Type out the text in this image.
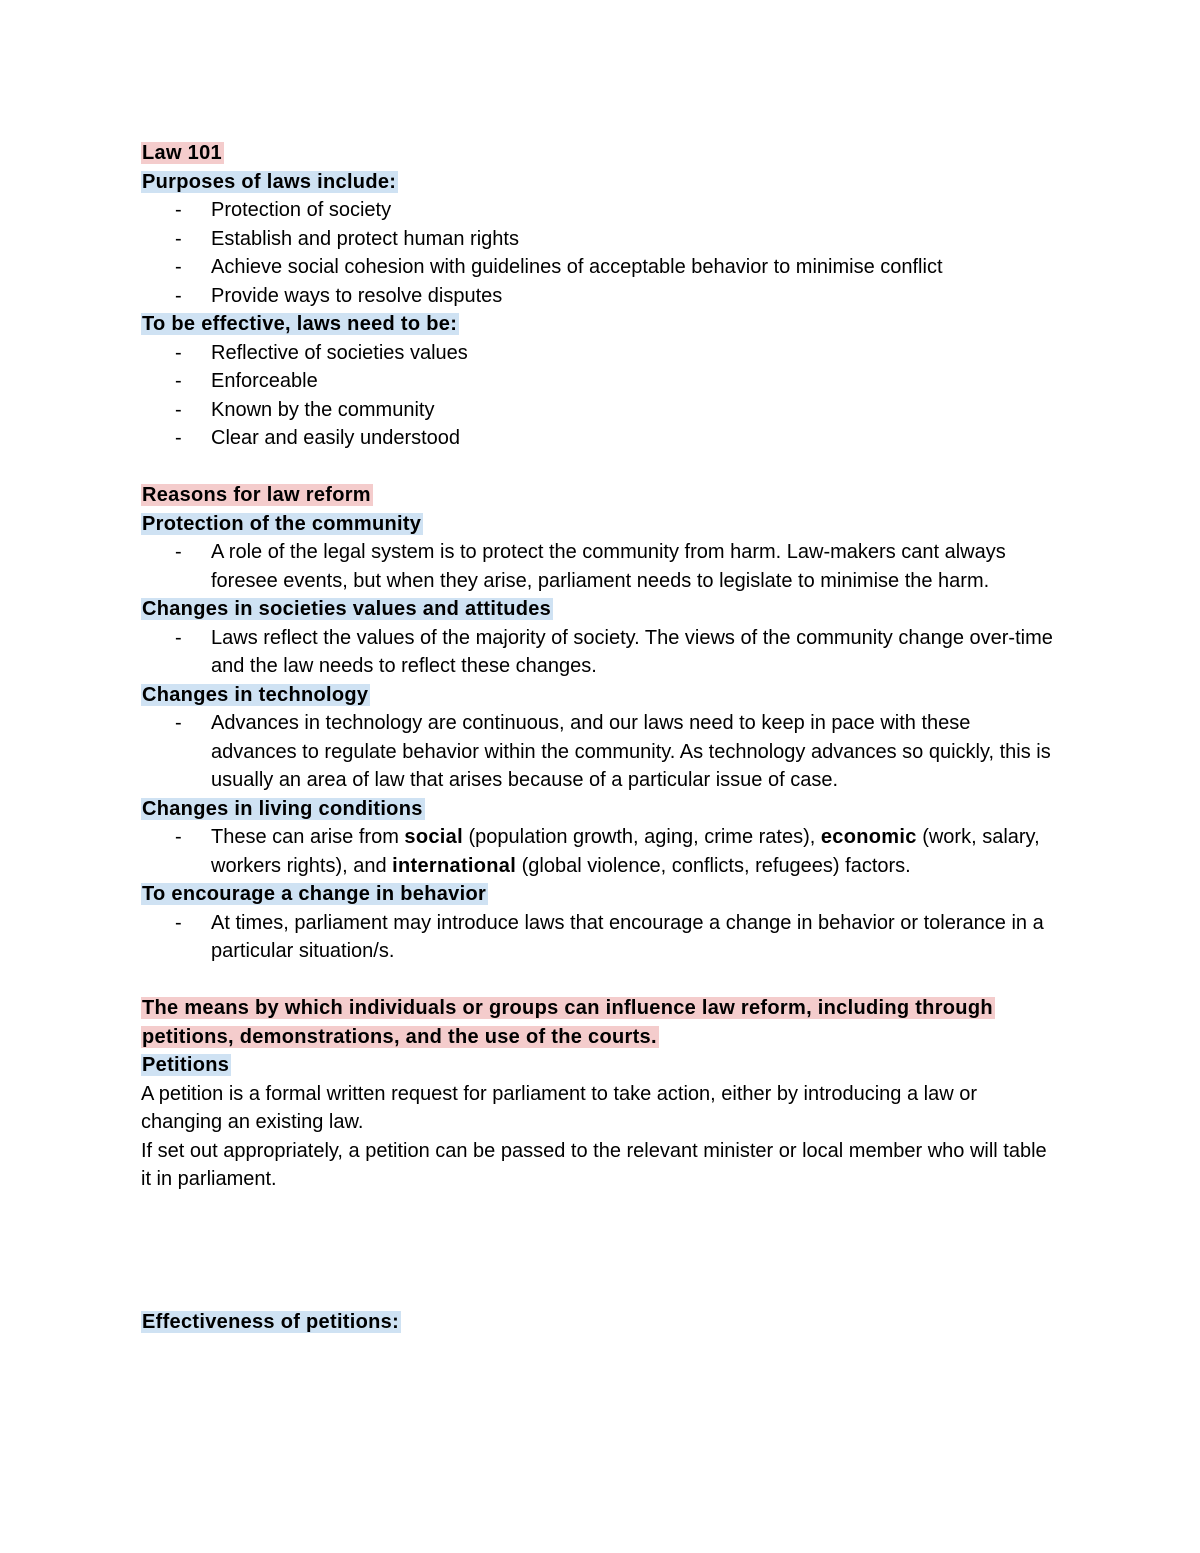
Law 101

Purposes of laws include:

- Protection of society
- Establish and protect human rights
- Achieve social cohesion with guidelines of acceptable behavior to minimise conflict
- Provide ways to resolve disputes

To be effective, laws need to be:

- Reflective of societies values
- Enforceable
- Known by the community
- Clear and easily understood

Reasons for law reform

Protection of the community

- A role of the legal system is to protect the community from harm. Law-makers cant always foresee events, but when they arise, parliament needs to legislate to minimise the harm.

Changes in societies values and attitudes

- Laws reflect the values of the majority of society. The views of the community change over-time and the law needs to reflect these changes.

Changes in technology

- Advances in technology are continuous, and our laws need to keep in pace with these advances to regulate behavior within the community. As technology advances so quickly, this is usually an area of law that arises because of a particular issue of case.

Changes in living conditions

- These can arise from social (population growth, aging, crime rates), economic (work, salary, workers rights), and international (global violence, conflicts, refugees) factors.

To encourage a change in behavior

- At times, parliament may introduce laws that encourage a change in behavior or tolerance in a particular situation/s.

The means by which individuals or groups can influence law reform, including through

petitions, demonstrations, and the use of the courts.

Petitions

A petition is a formal written request for parliament to take action, either by introducing a law or changing an existing law.

If set out appropriately, a petition can be passed to the relevant minister or local member who will table it in parliament.

Effectiveness of petitions:
